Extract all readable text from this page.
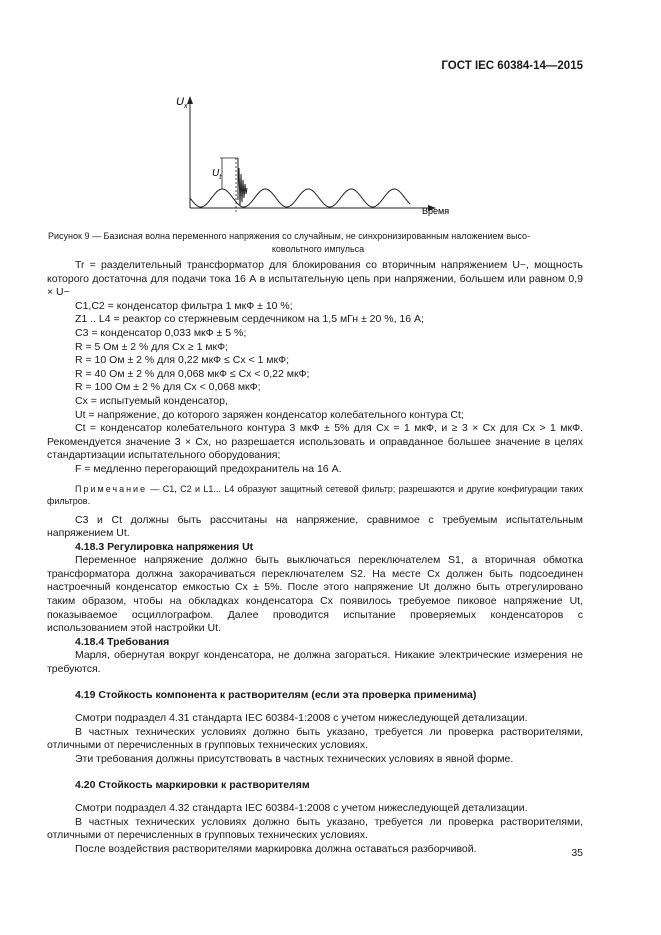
ГОСТ IEC 60384-14—2015
$U_x$
Время
$U_t$
Рисунок 9 — Базисная волна переменного напряжения со случайным, не синхронизированным наложением высо-
ковольтного импульса

Tr = разделительный трансформатор для блокирования со вторичным напряжением U~, мощность которого достаточна для подачи тока 16 А в испытательную цепь при напряжении, большем или равном 0,9 × U~

C1,C2 = конденсатор фильтра 1 мкФ ± 10 %;

Z1 .. L4 = реактор со стержневым сердечником на 1,5 мГн ± 20 %, 16 А;

C3 = конденсатор 0,033 мкФ ± 5 %;

R = 5 Ом ± 2 % для Cx ≥ 1 мкФ;

R = 10 Ом ± 2 % для 0,22 мкФ ≤ Cx < 1 мкФ;

R = 40 Ом ± 2 % для 0,068 мкФ ≤ Cx < 0,22 мкФ;

R = 100 Ом ± 2 % для Cx < 0,068 мкФ;

Cx = испытуемый конденсатор,

Ut = напряжение, до которого заряжен конденсатор колебательного контура Ct;

Ct = конденсатор колебательного контура 3 мкФ ± 5% для Cx = 1 мкФ, и ≥ 3 × Cx для Cx > 1 мкФ. Рекомендуется значение 3 × Cx, но разрешается использовать и оправданное большее значение в целях стандартизации испытательного оборудования;

F = медленно перегорающий предохранитель на 16 А.

Примечание — C1, C2 и L1... L4 образуют защитный сетевой фильтр; разрешаются и другие конфигурации таких фильтров.

C3 и Ct должны быть рассчитаны на напряжение, сравнимое с требуемым испытательным напряжением Ut.

4.18.3 Регулировка напряжения Ut

Переменное напряжение должно быть выключаться переключателем S1, а вторичная обмотка трансформатора должна закорачиваться переключателем S2. На месте Cx должен быть подсоединен настроечный конденсатор емкостью Cx ± 5%. После этого напряжение Ut должно быть отрегулировано таким образом, чтобы на обкладках конденсатора Cx появилось требуемое пиковое напряжение Ut, показываемое осциллографом. Далее проводится испытание проверяемых конденсаторов с использованием этой настройки Ut.

4.18.4 Требования

Марля, обернутая вокруг конденсатора, не должна загораться. Никакие электрические измерения не требуются.

4.19 Стойкость компонента к растворителям (если эта проверка применима)

Смотри подраздел 4.31 стандарта IEC 60384-1:2008 с учетом нижеследующей детализации.

В частных технических условиях должно быть указано, требуется ли проверка растворителями, отличными от перечисленных в групповых технических условиях.

Эти требования должны присутствовать в частных технических условиях в явной форме.

4.20 Стойкость маркировки к растворителям

Смотри подраздел 4.32 стандарта IEC 60384-1:2008 с учетом нижеследующей детализации.

В частных технических условиях должно быть указано, требуется ли проверка растворителями, отличными от перечисленных в групповых технических условиях.

После воздействия растворителями маркировка должна оставаться разборчивой.	35
